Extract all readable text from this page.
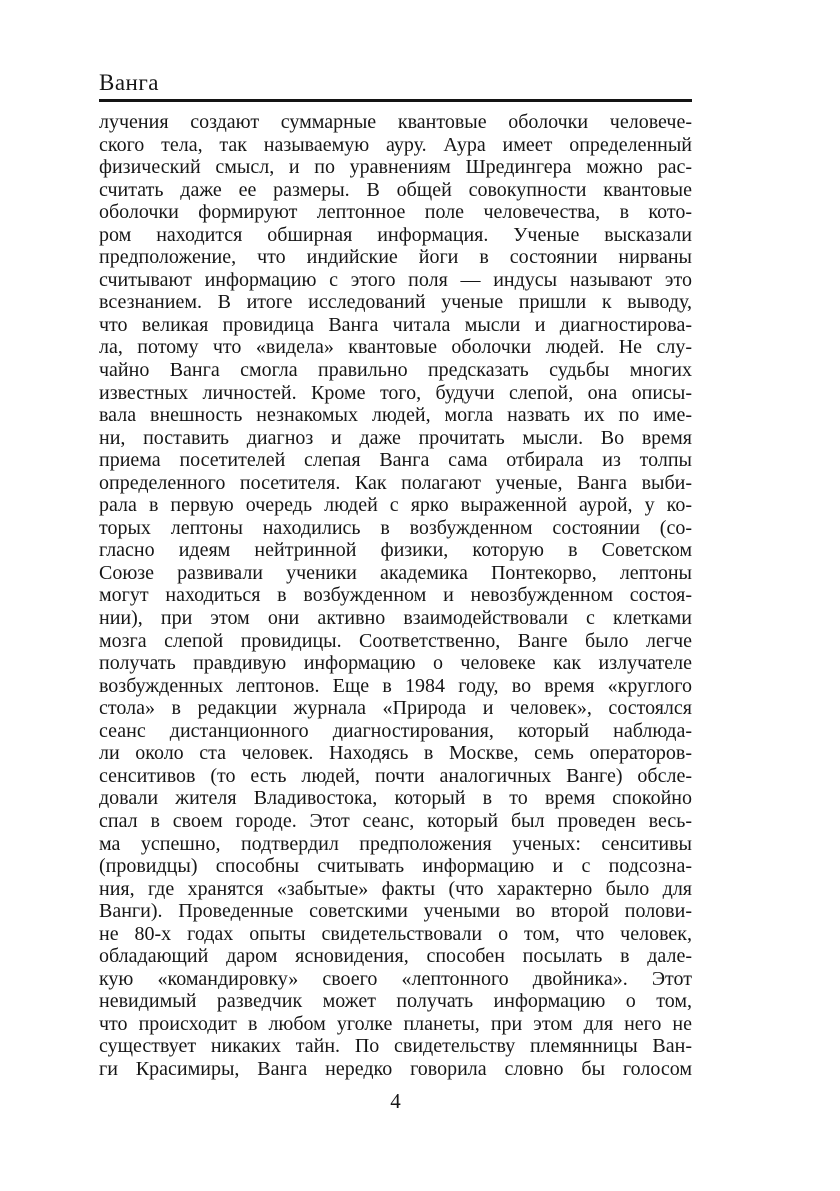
Ванга
лучения создают суммарные квантовые оболочки человече-
ского тела, так называемую ауру. Аура имеет определенный
физический смысл, и по уравнениям Шредингера можно рас-
считать даже ее размеры. В общей совокупности квантовые
оболочки формируют лептонное поле человечества, в кото-
ром находится обширная информация. Ученые высказали
предположение, что индийские йоги в состоянии нирваны
считывают информацию с этого поля — индусы называют это
всезнанием. В итоге исследований ученые пришли к выводу,
что великая провидица Ванга читала мысли и диагностирова-
ла, потому что «видела» квантовые оболочки людей. Не слу-
чайно Ванга смогла правильно предсказать судьбы многих
известных личностей. Кроме того, будучи слепой, она описы-
вала внешность незнакомых людей, могла назвать их по име-
ни, поставить диагноз и даже прочитать мысли. Во время
приема посетителей слепая Ванга сама отбирала из толпы
определенного посетителя. Как полагают ученые, Ванга выби-
рала в первую очередь людей с ярко выраженной аурой, у ко-
торых лептоны находились в возбужденном состоянии (со-
гласно идеям нейтринной физики, которую в Советском
Союзе развивали ученики академика Понтекорво, лептоны
могут находиться в возбужденном и невозбужденном состоя-
нии), при этом они активно взаимодействовали с клетками
мозга слепой провидицы. Соответственно, Ванге было легче
получать правдивую информацию о человеке как излучателе
возбужденных лептонов. Еще в 1984 году, во время «круглого
стола» в редакции журнала «Природа и человек», состоялся
сеанс дистанционного диагностирования, который наблюда-
ли около ста человек. Находясь в Москве, семь операторов-
сенситивов (то есть людей, почти аналогичных Ванге) обсле-
довали жителя Владивостока, который в то время спокойно
спал в своем городе. Этот сеанс, который был проведен весь-
ма успешно, подтвердил предположения ученых: сенситивы
(провидцы) способны считывать информацию и с подсозна-
ния, где хранятся «забытые» факты (что характерно было для
Ванги). Проведенные советскими учеными во второй полови-
не 80-х годах опыты свидетельствовали о том, что человек,
обладающий даром ясновидения, способен посылать в дале-
кую «командировку» своего «лептонного двойника». Этот
невидимый разведчик может получать информацию о том,
что происходит в любом уголке планеты, при этом для него не
существует никаких тайн. По свидетельству племянницы Ван-
ги Красимиры, Ванга нередко говорила словно бы голосом
4
